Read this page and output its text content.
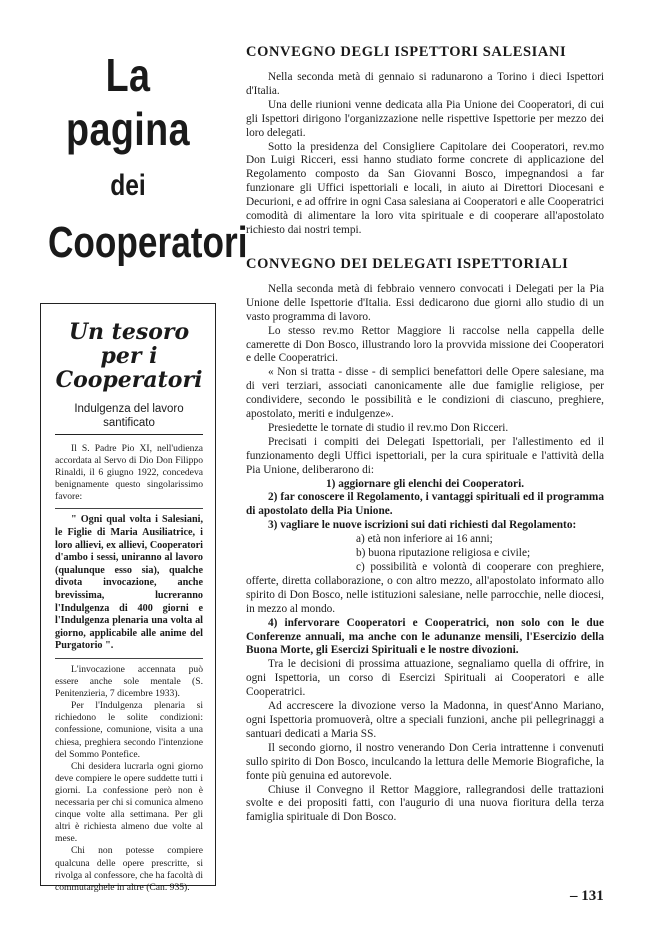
La pagina
dei
Cooperatori
Un tesoro
per i Cooperatori
Indulgenza del lavoro santificato

Il S. Padre Pio XI, nell'udienza accordata al Servo di Dio Don Filippo Rinaldi, il 6 giugno 1922, concedeva benignamente questo singolarissimo favore:

" Ogni qual volta i Salesiani, le Figlie di Maria Ausiliatrice, i loro allievi, ex allievi, Cooperatori d'ambo i sessi, uniranno al lavoro (qualunque esso sia), qualche divota invocazione, anche brevissima, lucreranno l'Indulgenza di 400 giorni e l'Indulgenza plenaria una volta al giorno, applicabile alle anime del Purgatorio ".

L'invocazione accennata può essere anche sole mentale (S. Penitenzieria, 7 dicembre 1933).

Per l'Indulgenza plenaria si richiedono le solite condizioni: confessione, comunione, visita a una chiesa, preghiera secondo l'intenzione del Sommo Pontefice.

Chi desidera lucrarla ogni giorno deve compiere le opere suddette tutti i giorni. La confessione però non è necessaria per chi si comunica almeno cinque volte alla settimana. Per gli altri è richiesta almeno due volte al mese.

Chi non potesse compiere qualcuna delle opere prescritte, si rivolga al confessore, che ha facoltà di commutarghele in altre (Can. 935).

CONVEGNO DEGLI ISPETTORI SALESIANI

Nella seconda metà di gennaio si radunarono a Torino i dieci Ispettori d'Italia.

Una delle riunioni venne dedicata alla Pia Unione dei Cooperatori, di cui gli Ispettori dirigono l'organizzazione nelle rispettive Ispettorie per mezzo dei loro delegati.

Sotto la presidenza del Consigliere Capitolare dei Cooperatori, rev.mo Don Luigi Ricceri, essi hanno studiato forme concrete di applicazione del Regolamento composto da San Giovanni Bosco, impegnandosi a far funzionare gli Uffici ispettoriali e locali, in aiuto ai Direttori Diocesani e Decurioni, e ad offrire in ogni Casa salesiana ai Cooperatori e alle Cooperatrici comodità di alimentare la loro vita spirituale e di cooperare all'apostolato richiesto dai nostri tempi.

CONVEGNO DEI DELEGATI ISPETTORIALI

Nella seconda metà di febbraio vennero convocati i Delegati per la Pia Unione delle Ispettorie d'Italia. Essi dedicarono due giorni allo studio di un vasto programma di lavoro.

Lo stesso rev.mo Rettor Maggiore li raccolse nella cappella delle camerette di Don Bosco, illustrando loro la provvida missione dei Cooperatori e delle Cooperatrici.

« Non si tratta - disse - di semplici benefattori delle Opere salesiane, ma di veri terziari, associati canonicamente alle due famiglie religiose, per condividere, secondo le possibilità e le condizioni di ciascuno, preghiere, apostolato, meriti e indulgenze».

Presiedette le tornate di studio il rev.mo Don Ricceri.

Precisati i compiti dei Delegati Ispettoriali, per l'allestimento ed il funzionamento degli Uffici ispettoriali, per la cura spirituale e l'attività della Pia Unione, deliberarono di:

1) aggiornare gli elenchi dei Cooperatori.

2) far conoscere il Regolamento, i vantaggi spirituali ed il programma di apostolato della Pia Unione.

3) vagliare le nuove iscrizioni sui dati richiesti dal Regolamento:

a) età non inferiore ai 16 anni;

b) buona riputazione religiosa e civile;

c) possibilità e volontà di cooperare con preghiere, offerte, diretta collaborazione, o con altro mezzo, all'apostolato informato allo spirito di Don Bosco, nelle istituzioni salesiane, nelle parrocchie, nelle diocesi, in mezzo al mondo.

4) infervorare Cooperatori e Cooperatrici, non solo con le due Conferenze annuali, ma anche con le adunanze mensili, l'Esercizio della Buona Morte, gli Esercizi Spirituali e le nostre divozioni.

Tra le decisioni di prossima attuazione, segnaliamo quella di offrire, in ogni Ispettoria, un corso di Esercizi Spirituali ai Cooperatori e alle Cooperatrici.

Ad accrescere la divozione verso la Madonna, in quest'Anno Mariano, ogni Ispettoria promuoverà, oltre a speciali funzioni, anche pii pellegrinaggi a santuari dedicati a Maria SS.

Il secondo giorno, il nostro venerando Don Ceria intrattenne i convenuti sullo spirito di Don Bosco, inculcando la lettura delle Memorie Biografiche, la fonte più genuina ed autorevole.

Chiuse il Convegno il Rettor Maggiore, rallegrandosi delle trattazioni svolte e dei propositi fatti, con l'augurio di una nuova fioritura della terza famiglia spirituale di Don Bosco.

– 131
